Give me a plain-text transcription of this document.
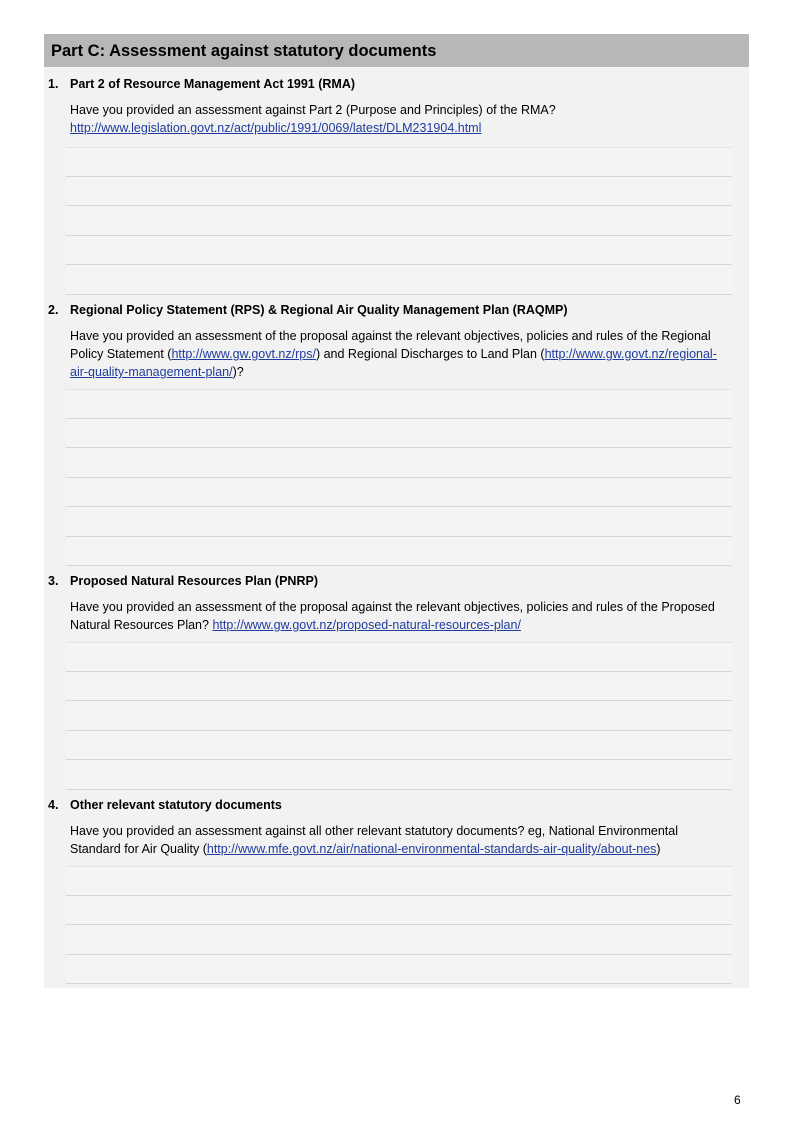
Part C: Assessment against statutory documents
1. Part 2 of Resource Management Act 1991 (RMA)
Have you provided an assessment against Part 2 (Purpose and Principles) of the RMA?
http://www.legislation.govt.nz/act/public/1991/0069/latest/DLM231904.html
2. Regional Policy Statement (RPS) & Regional Air Quality Management Plan (RAQMP)
Have you provided an assessment of the proposal against the relevant objectives, policies and rules of the Regional Policy Statement (http://www.gw.govt.nz/rps/) and Regional Discharges to Land Plan (http://www.gw.govt.nz/regional-air-quality-management-plan/)?
3. Proposed Natural Resources Plan (PNRP)
Have you provided an assessment of the proposal against the relevant objectives, policies and rules of the Proposed Natural Resources Plan? http://www.gw.govt.nz/proposed-natural-resources-plan/
4. Other relevant statutory documents
Have you provided an assessment against all other relevant statutory documents? eg, National Environmental Standard for Air Quality (http://www.mfe.govt.nz/air/national-environmental-standards-air-quality/about-nes)
6
